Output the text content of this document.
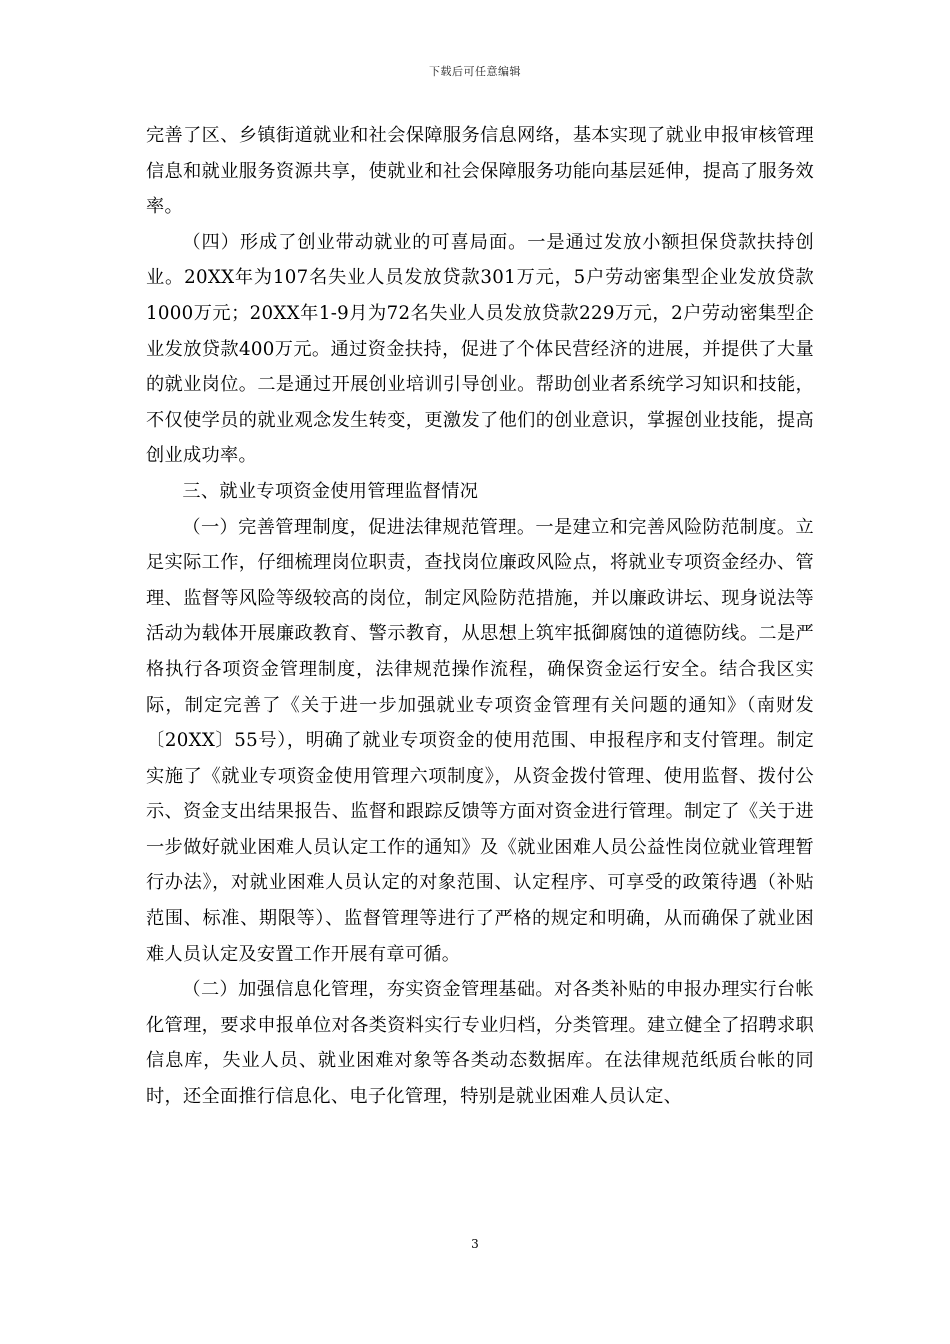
下载后可任意编辑

完善了区、乡镇街道就业和社会保障服务信息网络，基本实现了就业申报审核管理信息和就业服务资源共享，使就业和社会保障服务功能向基层延伸，提高了服务效率。

（四）形成了创业带动就业的可喜局面。一是通过发放小额担保贷款扶持创业。20XX年为107名失业人员发放贷款301万元，5户劳动密集型企业发放贷款1000万元；20XX年1-9月为72名失业人员发放贷款229万元，2户劳动密集型企业发放贷款400万元。通过资金扶持，促进了个体民营经济的进展，并提供了大量的就业岗位。二是通过开展创业培训引导创业。帮助创业者系统学习知识和技能，不仅使学员的就业观念发生转变，更激发了他们的创业意识，掌握创业技能，提高创业成功率。

三、就业专项资金使用管理监督情况

（一）完善管理制度，促进法律规范管理。一是建立和完善风险防范制度。立足实际工作，仔细梳理岗位职责，查找岗位廉政风险点，将就业专项资金经办、管理、监督等风险等级较高的岗位，制定风险防范措施，并以廉政讲坛、现身说法等活动为载体开展廉政教育、警示教育，从思想上筑牢抵御腐蚀的道德防线。二是严格执行各项资金管理制度，法律规范操作流程，确保资金运行安全。结合我区实际，制定完善了《关于进一步加强就业专项资金管理有关问题的通知》（南财发〔20XX〕55号），明确了就业专项资金的使用范围、申报程序和支付管理。制定实施了《就业专项资金使用管理六项制度》，从资金拨付管理、使用监督、拨付公示、资金支出结果报告、监督和跟踪反馈等方面对资金进行管理。制定了《关于进一步做好就业困难人员认定工作的通知》及《就业困难人员公益性岗位就业管理暂行办法》，对就业困难人员认定的对象范围、认定程序、可享受的政策待遇（补贴范围、标准、期限等）、监督管理等进行了严格的规定和明确，从而确保了就业困难人员认定及安置工作开展有章可循。

（二）加强信息化管理，夯实资金管理基础。对各类补贴的申报办理实行台帐化管理，要求申报单位对各类资料实行专业归档，分类管理。建立健全了招聘求职信息库，失业人员、就业困难对象等各类动态数据库。在法律规范纸质台帐的同时，还全面推行信息化、电子化管理，特别是就业困难人员认定、

3
